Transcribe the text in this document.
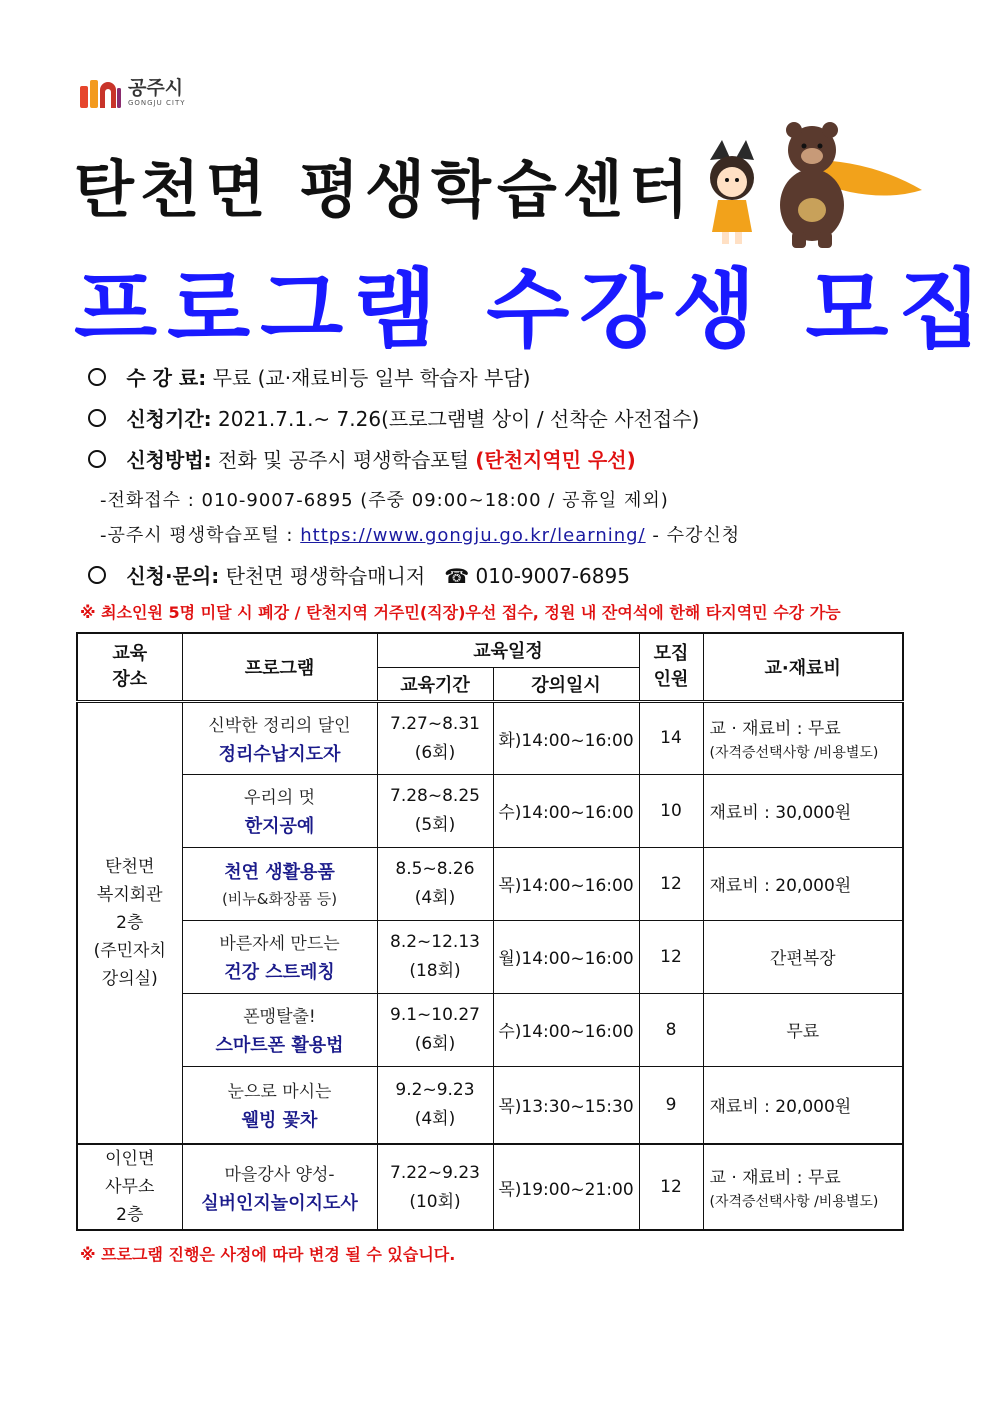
공주시
GONGJU CITY
탄천면 평생학습센터
프로그램 수강생 모집
수 강 료: 무료 (교·재료비등 일부 학습자 부담)
신청기간: 2021.7.1.~ 7.26(프로그램별 상이 / 선착순 사전접수)
신청방법: 전화 및 공주시 평생학습포털 (탄천지역민 우선)
-전화접수 : 010-9007-6895 (주중 09:00~18:00 / 공휴일 제외)
-공주시 평생학습포털 : https://www.gongju.go.kr/learning/ - 수강신청
신청·문의: 탄천면 평생학습매니저 ☎ 010-9007-6895
※ 최소인원 5명 미달 시 폐강 / 탄천지역 거주민(직장)우선 접수, 정원 내 잔여석에 한해 타지역민 수강 가능
교육
장소	프로그램	교육일정		모집
인원	교·재료비
		교육기간	강의일시		

탄천면
복지회관
2층
(주민자치
강의실)	신박한 정리의 달인
정리수납지도자	7.27~8.31
(6회)	화)14:00~16:00	14	교 · 재료비 : 무료
(자격증선택사항 /비용별도)

	우리의 멋
한지공예	7.28~8.25
(5회)	수)14:00~16:00	10	재료비 : 30,000원

	천연 생활용품
(비누&화장품 등)	8.5~8.26
(4회)	목)14:00~16:00	12	재료비 : 20,000원

	바른자세 만드는
건강 스트레칭	8.2~12.13
(18회)	월)14:00~16:00	12	간편복장

	폰맹탈출!
스마트폰 활용법	9.1~10.27
(6회)	수)14:00~16:00	8	무료

	눈으로 마시는
웰빙 꽃차	9.2~9.23
(4회)	목)13:30~15:30	9	재료비 : 20,000원

이인면
사무소
2층	마을강사 양성-
실버인지놀이지도사	7.22~9.23
(10회)	목)19:00~21:00	12	교 · 재료비 : 무료
(자격증선택사항 /비용별도)
※ 프로그램 진행은 사정에 따라 변경 될 수 있습니다.
